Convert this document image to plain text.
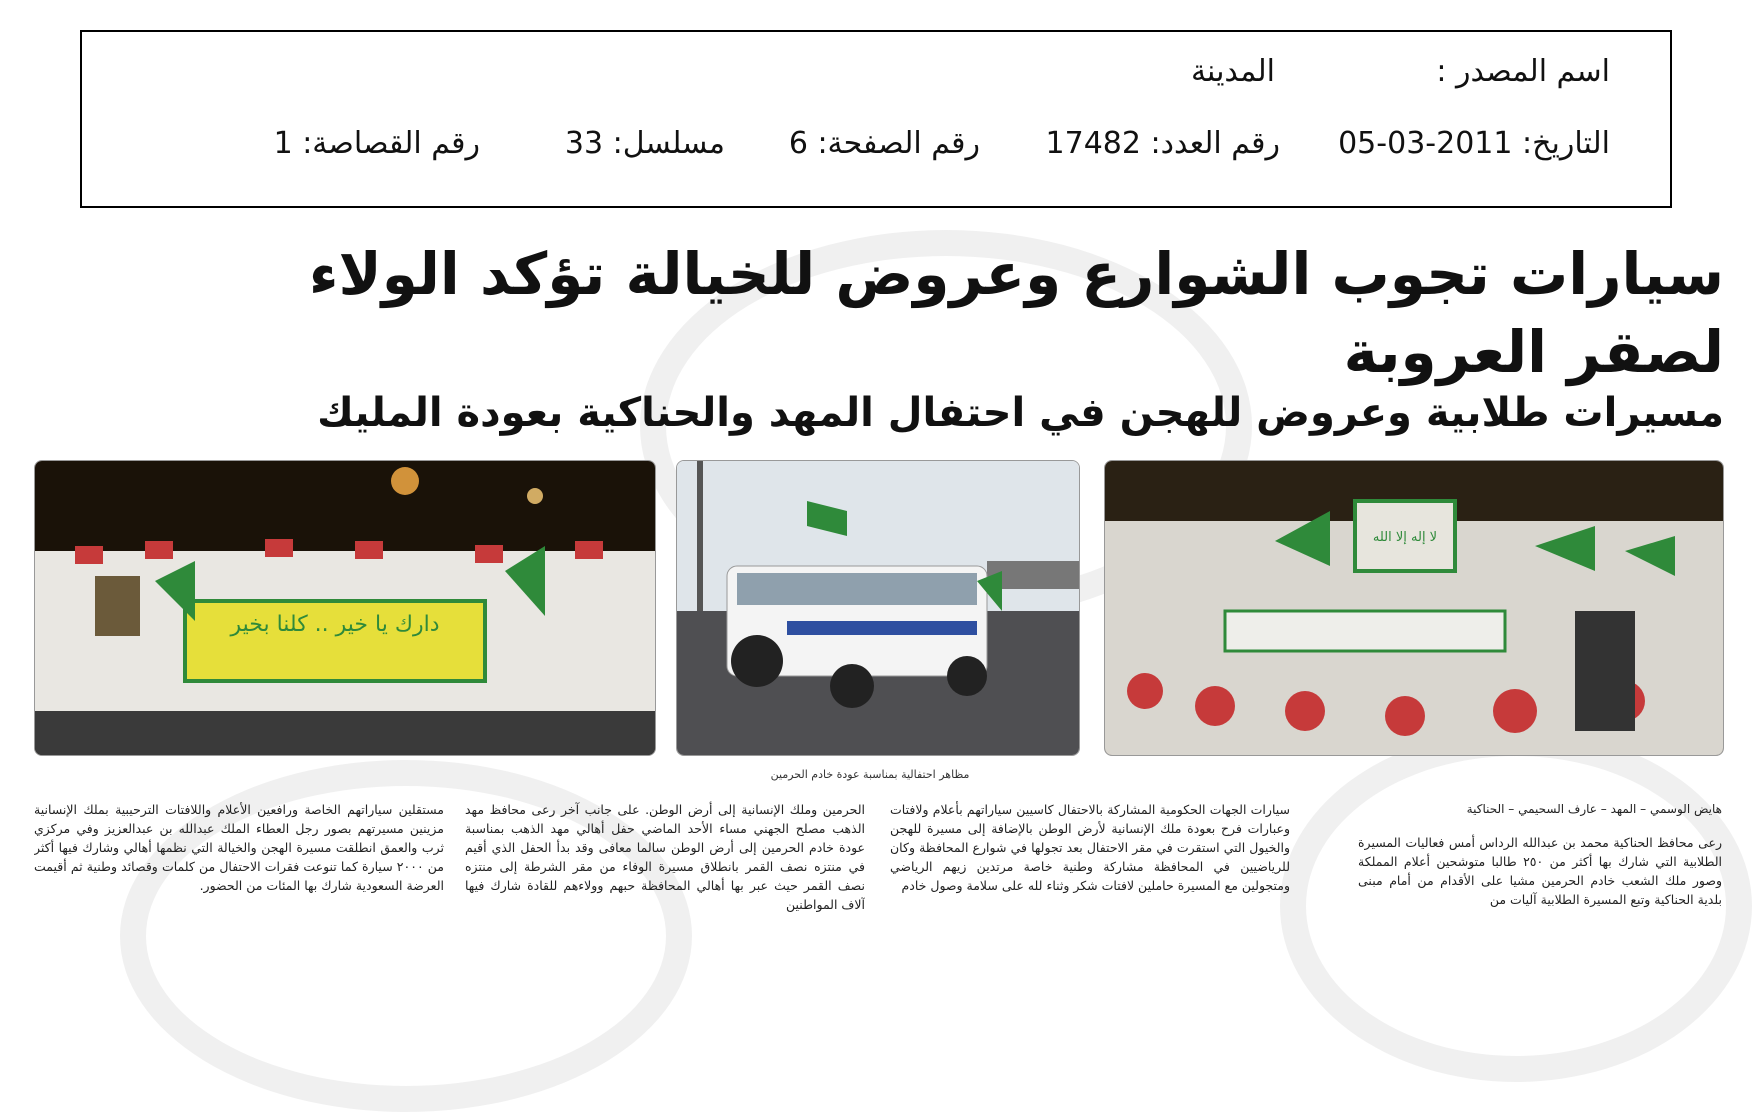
اسم المصدر :
المدينة
التاريخ: 2011-03-05
رقم العدد: 17482
رقم الصفحة: 6
مسلسل: 33
رقم القصاصة: 1
سيارات تجوب الشوارع وعروض للخيالة تؤكد الولاء
لصقر العروبة
مسيرات طلابية وعروض للهجن في احتفال المهد والحناكية بعودة المليك
دارك يا خير .. كلنا بخير
لا إله إلا الله
مظاهر احتفالية بمناسبة عودة خادم الحرمين
هايض الوسمي – المهد – عارف السحيمي – الحناكية
رعى محافظ الحناكية محمد بن عبدالله الرداس أمس فعاليات المسيرة الطلابية التي شارك بها أكثر من ٢٥٠ طالبا متوشحين أعلام المملكة وصور ملك الشعب خادم الحرمين مشيا على الأقدام من أمام مبنى بلدية الحناكية وتبع المسيرة الطلابية آليات من
سيارات الجهات الحكومية المشاركة بالاحتفال كاسيين سياراتهم بأعلام ولافتات وعبارات فرح بعودة ملك الإنسانية لأرض الوطن بالإضافة إلى مسيرة للهجن والخيول التي استقرت في مقر الاحتفال بعد تجولها في شوارع المحافظة وكان للرياضيين في المحافظة مشاركة وطنية خاصة مرتدين زيهم الرياضي ومتجولين مع المسيرة حاملين لافتات شكر وثناء لله على سلامة وصول خادم
الحرمين وملك الإنسانية إلى أرض الوطن. على جانب آخر رعى محافظ مهد الذهب مصلح الجهني مساء الأحد الماضي حفل أهالي مهد الذهب بمناسبة عودة خادم الحرمين إلى أرض الوطن سالما معافى وقد بدأ الحفل الذي أقيم في منتزه نصف القمر بانطلاق مسيرة الوفاء من مقر الشرطة إلى منتزه نصف القمر حيث عبر بها أهالي المحافظة حبهم وولاءهم للقادة شارك فيها آلاف المواطنين
مستقلين سياراتهم الخاصة ورافعين الأعلام واللافتات الترحيبية بملك الإنسانية مزينين مسيرتهم بصور رجل العطاء الملك عبدالله بن عبدالعزيز وفي مركزي ثرب والعمق انطلقت مسيرة الهجن والخيالة التي نظمها أهالي وشارك فيها أكثر من ٢٠٠٠ سيارة كما تنوعت فقرات الاحتفال من كلمات وقصائد وطنية ثم أقيمت العرضة السعودية شارك بها المئات من الحضور.
